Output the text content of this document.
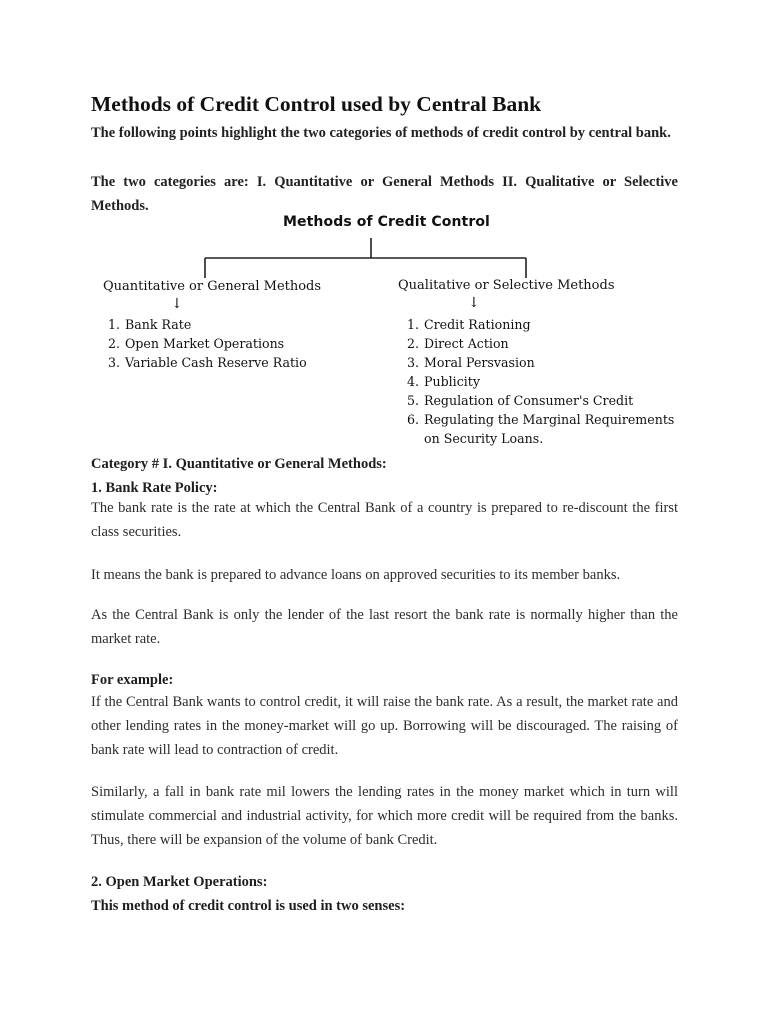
Methods of Credit Control used by Central Bank

The following points highlight the two categories of methods of credit control by central bank.

The two categories are: I. Quantitative or General Methods II. Qualitative or Selective Methods.

Methods of Credit Control
Quantitative or General Methods
↓
1. Bank Rate
2. Open Market Operations
3. Variable Cash Reserve Ratio
Qualitative or Selective Methods
↓
1. Credit Rationing
2. Direct Action
3. Moral Persvasion
4. Publicity
5. Regulation of Consumer's Credit
6. Regulating the Marginal Requirements
on Security Loans.
Category # I. Quantitative or General Methods:
1. Bank Rate Policy:

The bank rate is the rate at which the Central Bank of a country is prepared to re-discount the first class securities.

It means the bank is prepared to advance loans on approved securities to its member banks.

As the Central Bank is only the lender of the last resort the bank rate is normally higher than the market rate.

For example:

If the Central Bank wants to control credit, it will raise the bank rate. As a result, the market rate and other lending rates in the money-market will go up. Borrowing will be discouraged. The raising of bank rate will lead to contraction of credit.

Similarly, a fall in bank rate mil lowers the lending rates in the money market which in turn will stimulate commercial and industrial activity, for which more credit will be required from the banks. Thus, there will be expansion of the volume of bank Credit.

2. Open Market Operations:
This method of credit control is used in two senses:
